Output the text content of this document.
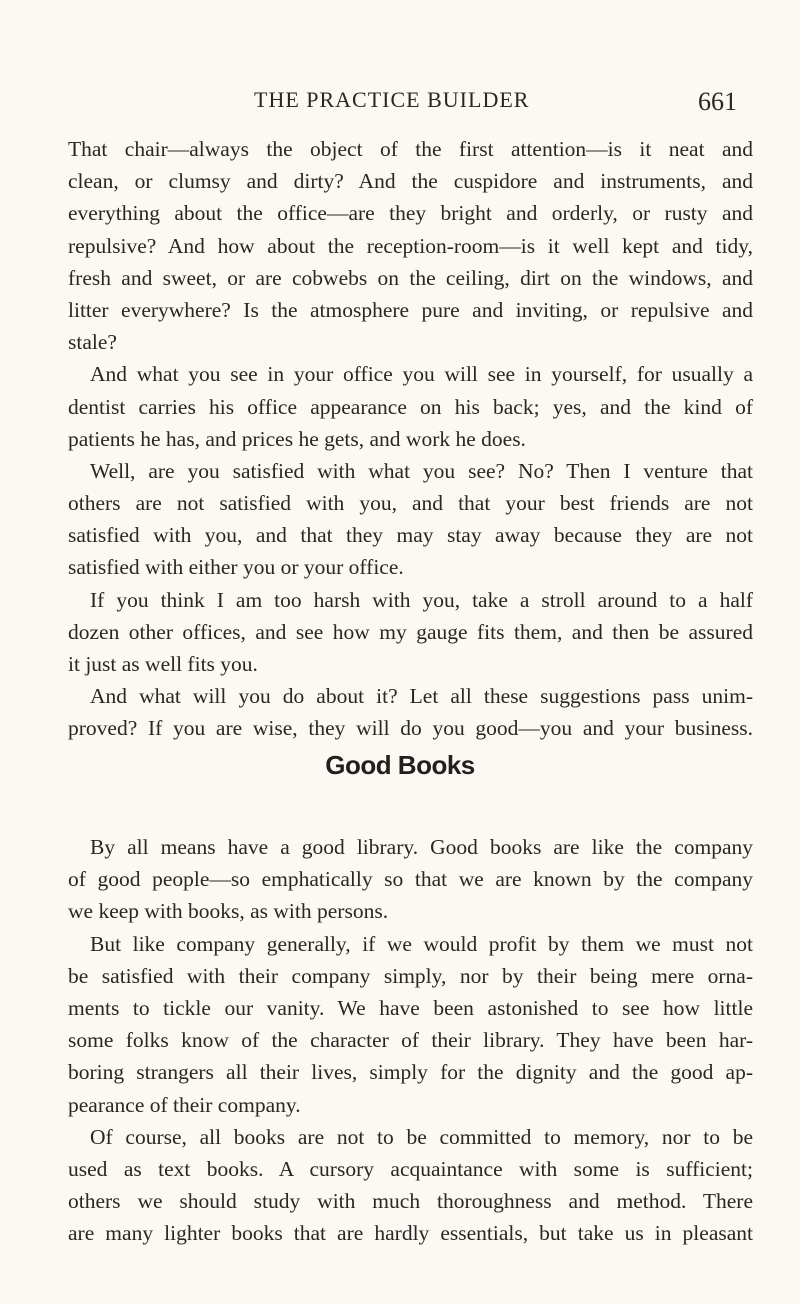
THE PRACTICE BUILDER	661
That chair—always the object of the first attention—is it neat and
clean, or clumsy and dirty? And the cuspidore and instruments, and
everything about the office—are they bright and orderly, or rusty and
repulsive? And how about the reception-room—is it well kept and tidy,
fresh and sweet, or are cobwebs on the ceiling, dirt on the windows, and
litter everywhere? Is the atmosphere pure and inviting, or repulsive and
stale?
And what you see in your office you will see in yourself, for usually a
dentist carries his office appearance on his back; yes, and the kind of
patients he has, and prices he gets, and work he does.
Well, are you satisfied with what you see? No? Then I venture that
others are not satisfied with you, and that your best friends are not
satisfied with you, and that they may stay away because they are not
satisfied with either you or your office.
If you think I am too harsh with you, take a stroll around to a half
dozen other offices, and see how my gauge fits them, and then be assured
it just as well fits you.
And what will you do about it? Let all these suggestions pass unim-
proved? If you are wise, they will do you good—you and your business.
Good Books
By all means have a good library. Good books are like the company
of good people—so emphatically so that we are known by the company
we keep with books, as with persons.
But like company generally, if we would profit by them we must not
be satisfied with their company simply, nor by their being mere orna-
ments to tickle our vanity. We have been astonished to see how little
some folks know of the character of their library. They have been har-
boring strangers all their lives, simply for the dignity and the good ap-
pearance of their company.
Of course, all books are not to be committed to memory, nor to be
used as text books. A cursory acquaintance with some is sufficient;
others we should study with much thoroughness and method. There
are many lighter books that are hardly essentials, but take us in pleasant
